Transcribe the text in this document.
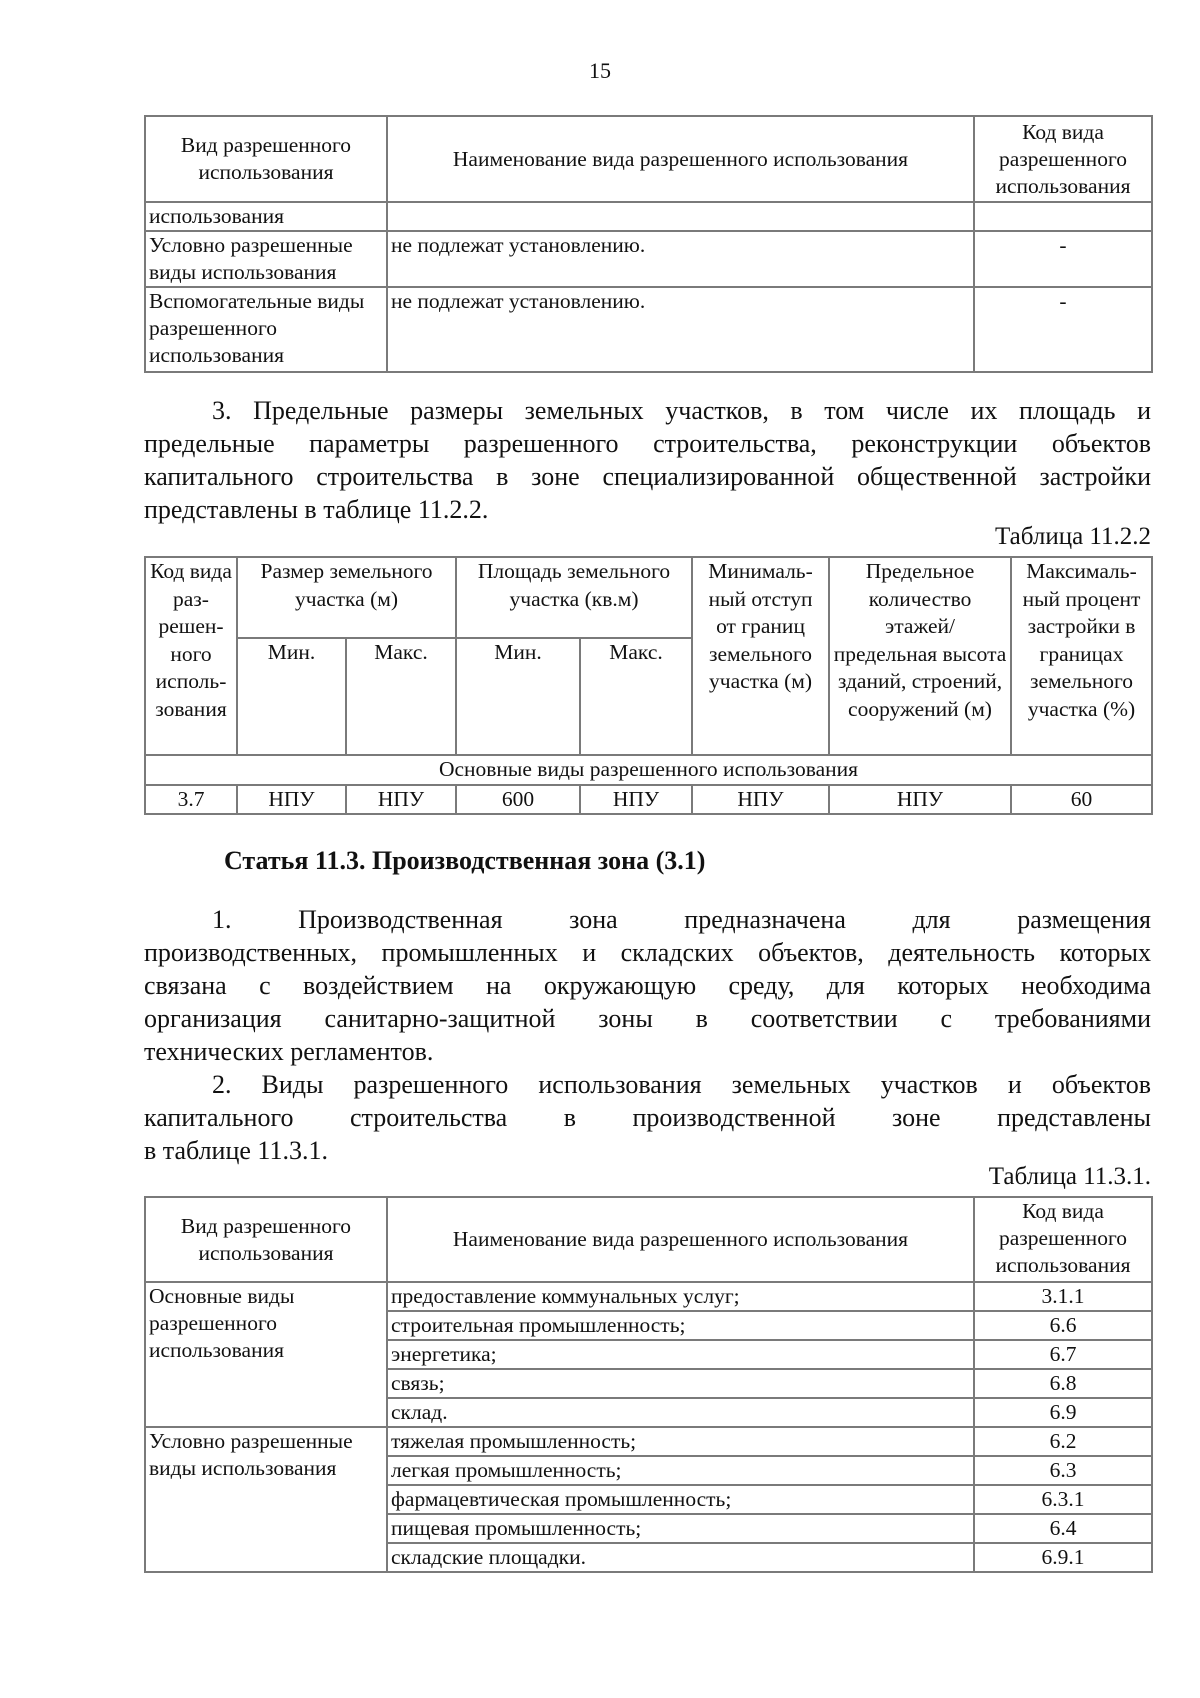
15
Вид разрешенного использования	Наименование вида разрешенного использования	Код вида разрешенного использования
использования		
Условно разрешенные виды использования	не подлежат установлению.	-
Вспомогательные виды разрешенного использования	не подлежат установлению.	-
3. Предельные размеры земельных участков, в том числе их площадь и
предельные параметры разрешенного строительства, реконструкции объектов
капитального строительства в зоне специализированной общественной застройки
представлены в таблице 11.2.2.
Таблица 11.2.2
Код вида раз-решен-ного исполь-зования	Размер земельного участка (м)		Площадь земельного участка (кв.м)		Минималь-ный отступ от границ земельного участка (м)	Предельное количество этажей/ предельная высота зданий, строений, сооружений (м)	Максималь-ный процент застройки в границах земельного участка (%)
	Мин.	Макс.	Мин.	Макс.			
Основные виды разрешенного использования							
3.7	НПУ	НПУ	600	НПУ	НПУ	НПУ	60
Статья 11.3. Производственная зона (3.1)
1. Производственная зона предназначена для размещения
производственных, промышленных и складских объектов, деятельность которых
связана с воздействием на окружающую среду, для которых необходима
организация санитарно-защитной зоны в соответствии с требованиями
технических регламентов.
2. Виды разрешенного использования земельных участков и объектов
капитального строительства в производственной зоне представлены
в таблице 11.3.1.
Таблица 11.3.1.
Вид разрешенного использования	Наименование вида разрешенного использования	Код вида разрешенного использования
Основные виды разрешенного использования	предоставление коммунальных услуг;	3.1.1
	строительная промышленность;	6.6
	энергетика;	6.7
	связь;	6.8
	склад.	6.9
Условно разрешенные виды использования	тяжелая промышленность;	6.2
	легкая промышленность;	6.3
	фармацевтическая промышленность;	6.3.1
	пищевая промышленность;	6.4
	складские площадки.	6.9.1
